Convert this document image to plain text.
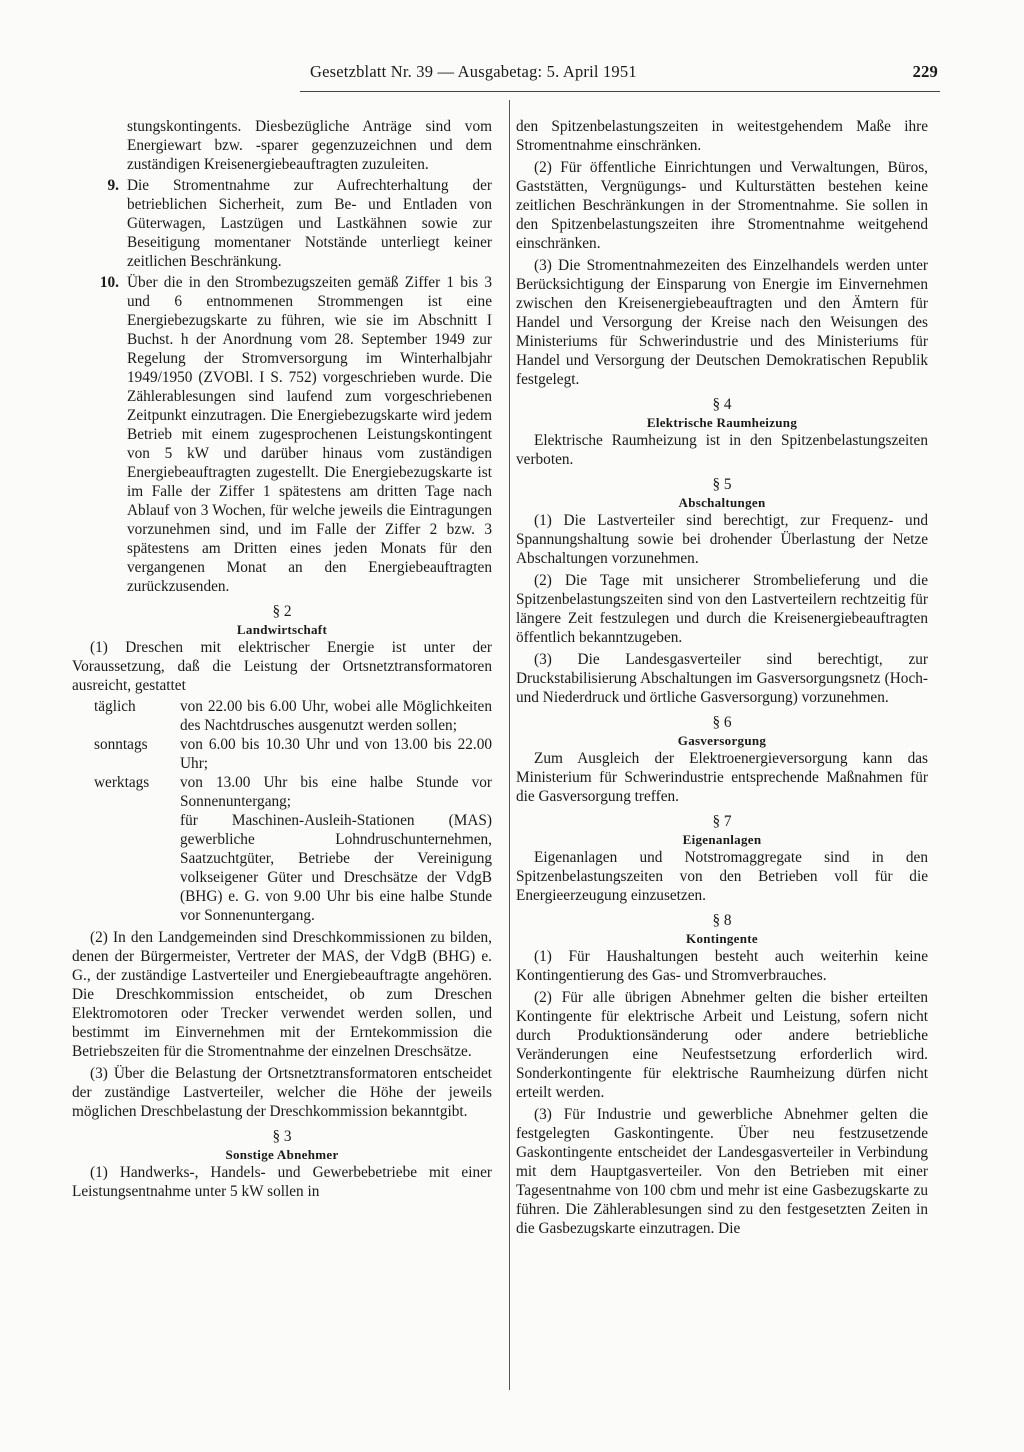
Gesetzblatt Nr. 39 — Ausgabetag: 5. April 1951	229

stungskontingents. Diesbezügliche Anträge sind vom Energiewart bzw. -sparer gegenzuzeichnen und dem zuständigen Kreisenergiebeauftragten zuzuleiten.

9. Die Stromentnahme zur Aufrechterhaltung der betrieblichen Sicherheit, zum Be- und Entladen von Güterwagen, Lastzügen und Lastkähnen sowie zur Beseitigung momentaner Notstände unterliegt keiner zeitlichen Beschränkung.
10. Über die in den Strombezugszeiten gemäß Ziffer 1 bis 3 und 6 entnommenen Strommengen ist eine Energiebezugskarte zu führen, wie sie im Abschnitt I Buchst. h der Anordnung vom 28. September 1949 zur Regelung der Stromversorgung im Winterhalbjahr 1949/1950 (ZVOBl. I S. 752) vorgeschrieben wurde. Die Zählerablesungen sind laufend zum vorgeschriebenen Zeitpunkt einzutragen. Die Energiebezugskarte wird jedem Betrieb mit einem zugesprochenen Leistungskontingent von 5 kW und darüber hinaus vom zuständigen Energiebeauftragten zugestellt. Die Energiebezugskarte ist im Falle der Ziffer 1 spätestens am dritten Tage nach Ablauf von 3 Wochen, für welche jeweils die Eintragungen vorzunehmen sind, und im Falle der Ziffer 2 bzw. 3 spätestens am Dritten eines jeden Monats für den vergangenen Monat an den Energiebeauftragten zurückzusenden.
§ 2
Landwirtschaft

(1) Dreschen mit elektrischer Energie ist unter der Voraussetzung, daß die Leistung der Ortsnetztransformatoren ausreicht, gestattet

täglich	von 22.00 bis 6.00 Uhr, wobei alle Möglichkeiten des Nachtdrusches ausgenutzt werden sollen;
sonntags	von 6.00 bis 10.30 Uhr und von 13.00 bis 22.00 Uhr;
werktags	von 13.00 Uhr bis eine halbe Stunde vor Sonnenuntergang;
für Maschinen-Ausleih-Stationen (MAS) gewerbliche Lohndruschunternehmen, Saatzuchtgüter, Betriebe der Vereinigung volkseigener Güter und Dreschsätze der VdgB (BHG) e. G. von 9.00 Uhr bis eine halbe Stunde vor Sonnenuntergang.

(2) In den Landgemeinden sind Dreschkommissionen zu bilden, denen der Bürgermeister, Vertreter der MAS, der VdgB (BHG) e. G., der zuständige Lastverteiler und Energiebeauftragte angehören. Die Dreschkommission entscheidet, ob zum Dreschen Elektromotoren oder Trecker verwendet werden sollen, und bestimmt im Einvernehmen mit der Erntekommission die Betriebszeiten für die Stromentnahme der einzelnen Dreschsätze.

(3) Über die Belastung der Ortsnetztransformatoren entscheidet der zuständige Lastverteiler, welcher die Höhe der jeweils möglichen Dreschbelastung der Dreschkommission bekanntgibt.

§ 3
Sonstige Abnehmer

(1) Handwerks-, Handels- und Gewerbebetriebe mit einer Leistungsentnahme unter 5 kW sollen in

den Spitzenbelastungszeiten in weitestgehendem Maße ihre Stromentnahme einschränken.

(2) Für öffentliche Einrichtungen und Verwaltungen, Büros, Gaststätten, Vergnügungs- und Kulturstätten bestehen keine zeitlichen Beschränkungen in der Stromentnahme. Sie sollen in den Spitzenbelastungszeiten ihre Stromentnahme weitgehend einschränken.

(3) Die Stromentnahmezeiten des Einzelhandels werden unter Berücksichtigung der Einsparung von Energie im Einvernehmen zwischen den Kreisenergiebeauftragten und den Ämtern für Handel und Versorgung der Kreise nach den Weisungen des Ministeriums für Schwerindustrie und des Ministeriums für Handel und Versorgung der Deutschen Demokratischen Republik festgelegt.

§ 4
Elektrische Raumheizung

Elektrische Raumheizung ist in den Spitzenbelastungszeiten verboten.

§ 5
Abschaltungen

(1) Die Lastverteiler sind berechtigt, zur Frequenz- und Spannungshaltung sowie bei drohender Überlastung der Netze Abschaltungen vorzunehmen.

(2) Die Tage mit unsicherer Strombelieferung und die Spitzenbelastungszeiten sind von den Lastverteilern rechtzeitig für längere Zeit festzulegen und durch die Kreisenergiebeauftragten öffentlich bekanntzugeben.

(3) Die Landesgasverteiler sind berechtigt, zur Druckstabilisierung Abschaltungen im Gasversorgungsnetz (Hoch- und Niederdruck und örtliche Gasversorgung) vorzunehmen.

§ 6
Gasversorgung

Zum Ausgleich der Elektroenergieversorgung kann das Ministerium für Schwerindustrie entsprechende Maßnahmen für die Gasversorgung treffen.

§ 7
Eigenanlagen

Eigenanlagen und Notstromaggregate sind in den Spitzenbelastungszeiten von den Betrieben voll für die Energieerzeugung einzusetzen.

§ 8
Kontingente

(1) Für Haushaltungen besteht auch weiterhin keine Kontingentierung des Gas- und Stromverbrauches.

(2) Für alle übrigen Abnehmer gelten die bisher erteilten Kontingente für elektrische Arbeit und Leistung, sofern nicht durch Produktionsänderung oder andere betriebliche Veränderungen eine Neufestsetzung erforderlich wird. Sonderkontingente für elektrische Raumheizung dürfen nicht erteilt werden.

(3) Für Industrie und gewerbliche Abnehmer gelten die festgelegten Gaskontingente. Über neu festzusetzende Gaskontingente entscheidet der Landesgasverteiler in Verbindung mit dem Hauptgasverteiler. Von den Betrieben mit einer Tagesentnahme von 100 cbm und mehr ist eine Gasbezugskarte zu führen. Die Zählerablesungen sind zu den festgesetzten Zeiten in die Gasbezugskarte einzutragen. Die
